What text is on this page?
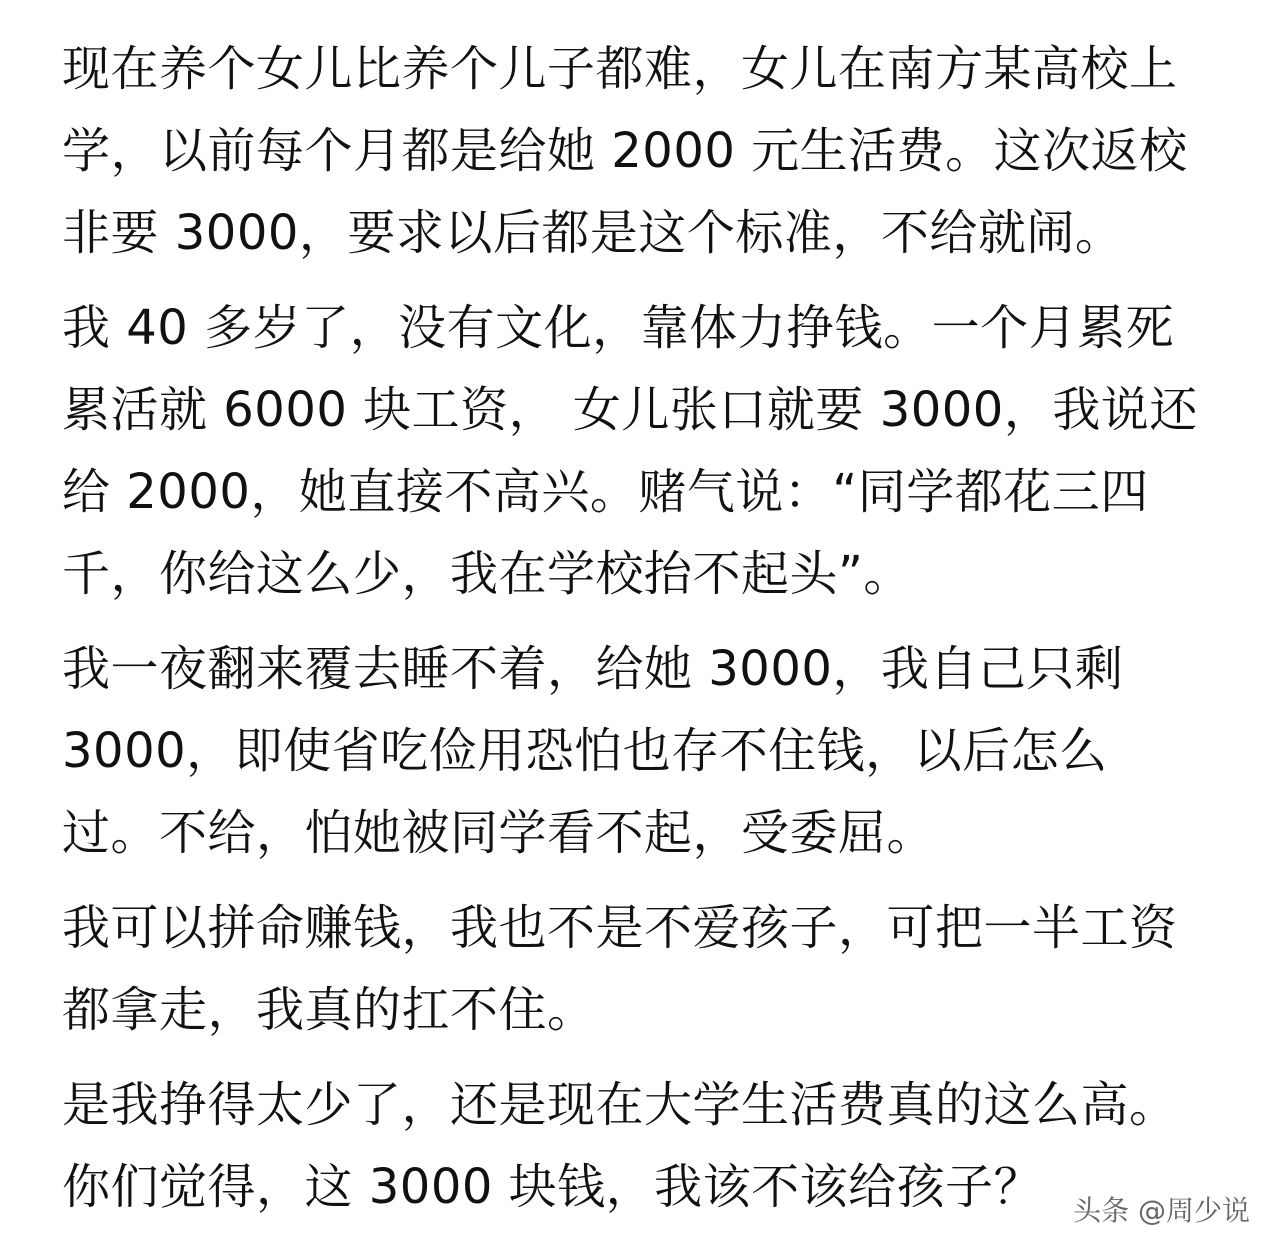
现在养个女儿比养个儿子都难，女儿在南方某高校上
学，以前每个月都是给她 2000 元生活费。这次返校
非要 3000，要求以后都是这个标准，不给就闹。

我 40 多岁了，没有文化，靠体力挣钱。一个月累死
累活就 6000 块工资， 女儿张口就要 3000，我说还
给 2000，她直接不高兴。赌气说：“同学都花三四
千，你给这么少，我在学校抬不起头”。

我一夜翻来覆去睡不着，给她 3000，我自己只剩
3000，即使省吃俭用恐怕也存不住钱，以后怎么
过。不给，怕她被同学看不起，受委屈。

我可以拼命赚钱，我也不是不爱孩子，可把一半工资
都拿走，我真的扛不住。

是我挣得太少了，还是现在大学生活费真的这么高。
你们觉得，这 3000 块钱，我该不该给孩子？	头条 @周少说
